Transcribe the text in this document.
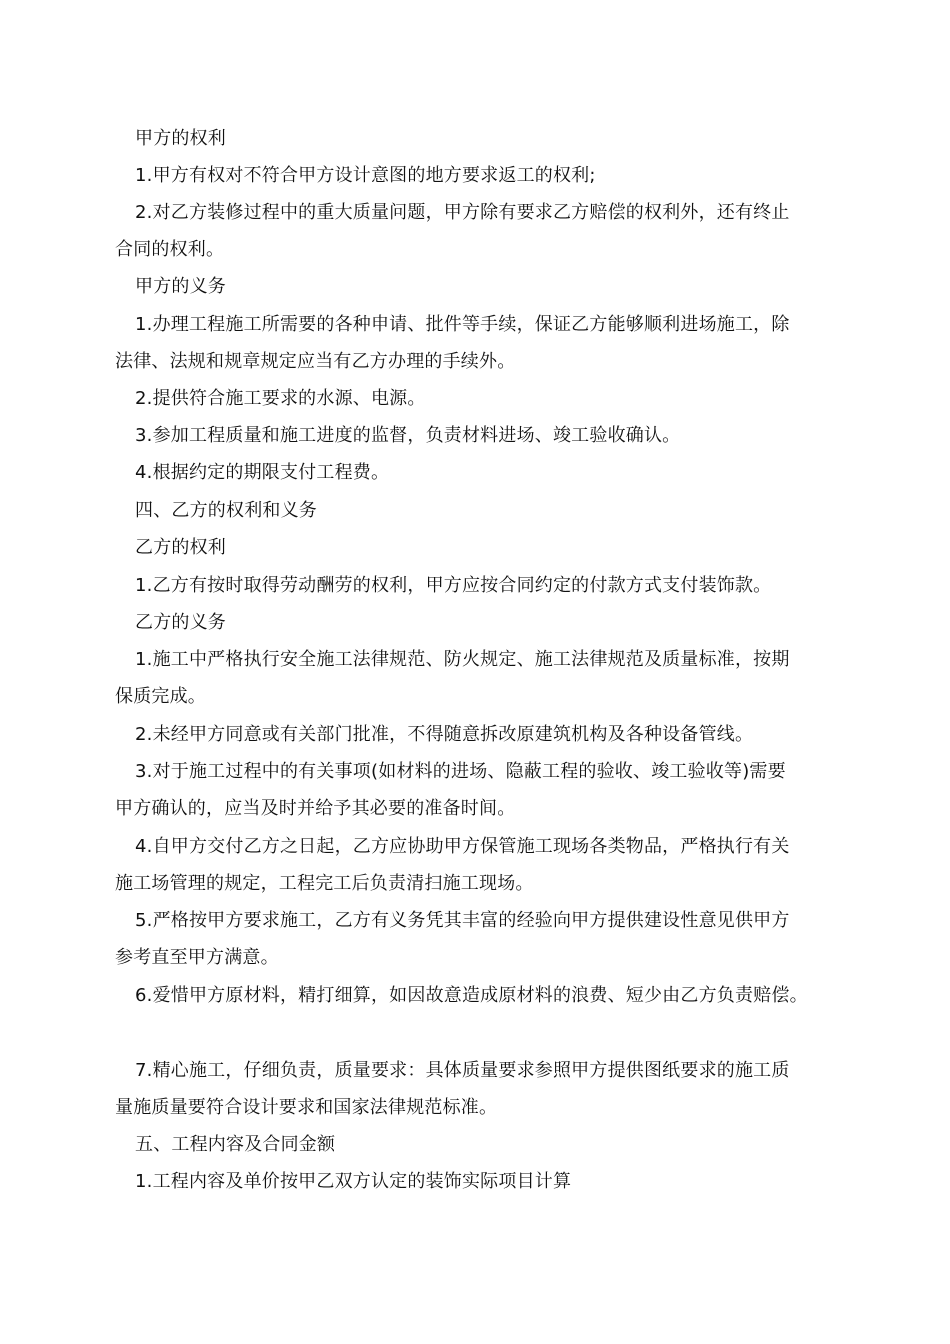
甲方的权利
1.甲方有权对不符合甲方设计意图的地方要求返工的权利;
2.对乙方装修过程中的重大质量问题，甲方除有要求乙方赔偿的权利外，还有终止
合同的权利。
甲方的义务
1.办理工程施工所需要的各种申请、批件等手续，保证乙方能够顺利进场施工，除
法律、法规和规章规定应当有乙方办理的手续外。
2.提供符合施工要求的水源、电源。
3.参加工程质量和施工进度的监督，负责材料进场、竣工验收确认。
4.根据约定的期限支付工程费。
四、乙方的权利和义务
乙方的权利
1.乙方有按时取得劳动酬劳的权利，甲方应按合同约定的付款方式支付装饰款。
乙方的义务
1.施工中严格执行安全施工法律规范、防火规定、施工法律规范及质量标准，按期
保质完成。
2.未经甲方同意或有关部门批准，不得随意拆改原建筑机构及各种设备管线。
3.对于施工过程中的有关事项(如材料的进场、隐蔽工程的验收、竣工验收等)需要
甲方确认的，应当及时并给予其必要的准备时间。
4.自甲方交付乙方之日起，乙方应协助甲方保管施工现场各类物品，严格执行有关
施工场管理的规定，工程完工后负责清扫施工现场。
5.严格按甲方要求施工，乙方有义务凭其丰富的经验向甲方提供建设性意见供甲方
参考直至甲方满意。
6.爱惜甲方原材料，精打细算，如因故意造成原材料的浪费、短少由乙方负责赔偿。
7.精心施工，仔细负责，质量要求：具体质量要求参照甲方提供图纸要求的施工质
量施质量要符合设计要求和国家法律规范标准。
五、工程内容及合同金额
1.工程内容及单价按甲乙双方认定的装饰实际项目计算
